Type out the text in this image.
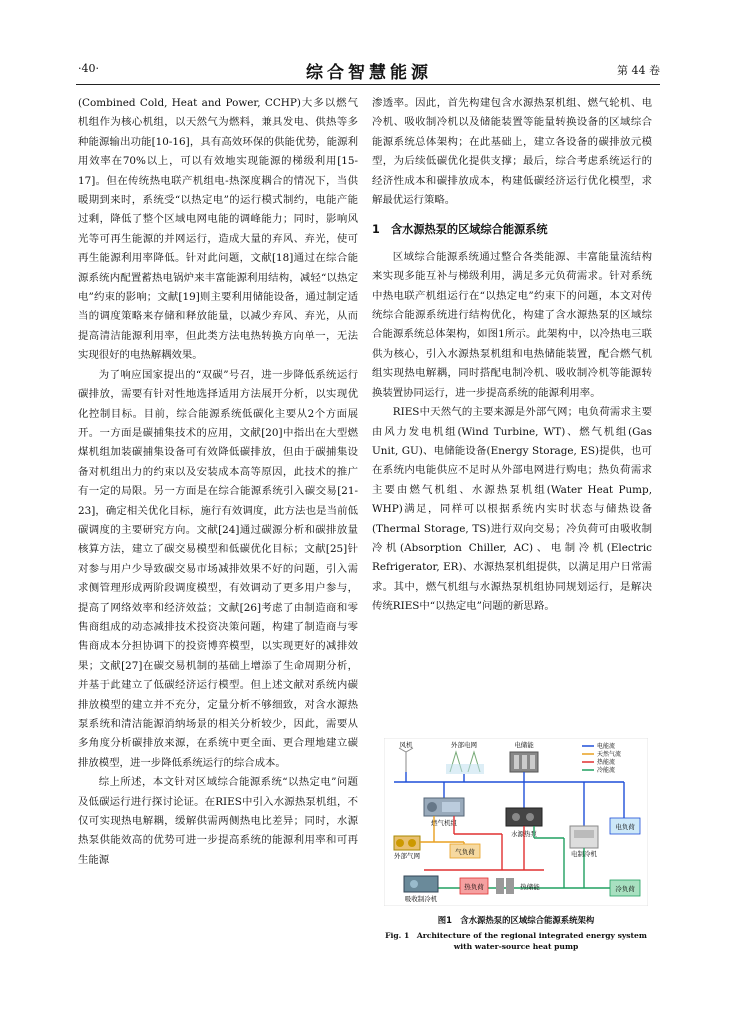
·40·	综合智慧能源	第 44 卷

(Combined Cold, Heat and Power, CCHP)大多以燃气机组作为核心机组，以天然气为燃料，兼具发电、供热等多种能源输出功能[10-16]，具有高效环保的供能优势，能源利用效率在70%以上，可以有效地实现能源的梯级利用[15-17]。但在传统热电联产机组电-热深度耦合的情况下，当供暖期到来时，系统受“以热定电”的运行模式制约，电能产能过剩，降低了整个区域电网电能的调峰能力；同时，影响风光等可再生能源的并网运行，造成大量的弃风、弃光，使可再生能源利用率降低。针对此问题，文献[18]通过在综合能源系统内配置蓄热电锅炉来丰富能源利用结构，减轻“以热定电”约束的影响；文献[19]则主要利用储能设备，通过制定适当的调度策略来存储和释放能量，以减少弃风、弃光，从而提高清洁能源利用率，但此类方法电热转换方向单一，无法实现很好的电热解耦效果。

为了响应国家提出的“双碳”号召，进一步降低系统运行碳排放，需要有针对性地选择适用方法展开分析，以实现优化控制目标。目前，综合能源系统低碳化主要从2个方面展开。一方面是碳捕集技术的应用，文献[20]中指出在大型燃煤机组加装碳捕集设备可有效降低碳排放，但由于碳捕集设备对机组出力的约束以及安装成本高等原因，此技术的推广有一定的局限。另一方面是在综合能源系统引入碳交易[21-23]，确定相关优化目标，施行有效调度，此方法也是当前低碳调度的主要研究方向。文献[24]通过碳源分析和碳排放量核算方法，建立了碳交易模型和低碳优化目标；文献[25]针对参与用户少导致碳交易市场减排效果不好的问题，引入需求侧管理形成两阶段调度模型，有效调动了更多用户参与，提高了网络效率和经济效益；文献[26]考虑了由制造商和零售商组成的动态减排技术投资决策问题，构建了制造商与零售商成本分担协调下的投资博弈模型，以实现更好的减排效果；文献[27]在碳交易机制的基础上增添了生命周期分析，并基于此建立了低碳经济运行模型。但上述文献对系统内碳排放模型的建立并不充分，定量分析不够细致，对含水源热泵系统和清洁能源消纳场景的相关分析较少，因此，需要从多角度分析碳排放来源，在系统中更全面、更合理地建立碳排放模型，进一步降低系统运行的综合成本。

综上所述，本文针对区域综合能源系统“以热定电”问题及低碳运行进行探讨论证。在RIES中引入水源热泵机组，不仅可实现热电解耦，缓解供需两侧热电比差异；同时，水源热泵供能效高的优势可进一步提高系统的能源利用率和可再生能源

渗透率。因此，首先构建包含水源热泵机组、燃气轮机、电冷机、吸收制冷机以及储能装置等能量转换设备的区域综合能源系统总体架构；在此基础上，建立各设备的碳排放元模型，为后续低碳优化提供支撑；最后，综合考虑系统运行的经济性成本和碳排放成本，构建低碳经济运行优化模型，求解最优运行策略。

1　含水源热泵的区域综合能源系统

区域综合能源系统通过整合各类能源、丰富能量流结构来实现多能互补与梯级利用，满足多元负荷需求。针对系统中热电联产机组运行在“以热定电”约束下的问题，本文对传统综合能源系统进行结构优化，构建了含水源热泵的区域综合能源系统总体架构，如图1所示。此架构中，以冷热电三联供为核心，引入水源热泵机组和电热储能装置，配合燃气机组实现热电解耦，同时搭配电制冷机、吸收制冷机等能源转换装置协同运行，进一步提高系统的能源利用率。

RIES中天然气的主要来源是外部气网；电负荷需求主要由风力发电机组(Wind Turbine, WT)、燃气机组(Gas Unit, GU)、电储能设备(Energy Storage, ES)提供，也可在系统内电能供应不足时从外部电网进行购电；热负荷需求主要由燃气机组、水源热泵机组(Water Heat Pump, WHP)满足，同样可以根据系统内实时状态与储热设备(Thermal Storage, TS)进行双向交易；冷负荷可由吸收制冷机(Absorption Chiller, AC)、电制冷机(Electric Refrigerator, ER)、水源热泵机组提供，以满足用户日常需求。其中，燃气机组与水源热泵机组协同规划运行，是解决传统RIES中“以热定电”问题的新思路。

风机	外部电网	电储能	电能流
天然气流
热能流
冷能流
燃气机组
水源热泵
电负荷
电制冷机
外部气网	气负荷
吸收制冷机
热负荷	热储能	冷负荷
图1　含水源热泵的区域综合能源系统架构
Fig. 1　Architecture of the regional integrated energy system with water-source heat pump
